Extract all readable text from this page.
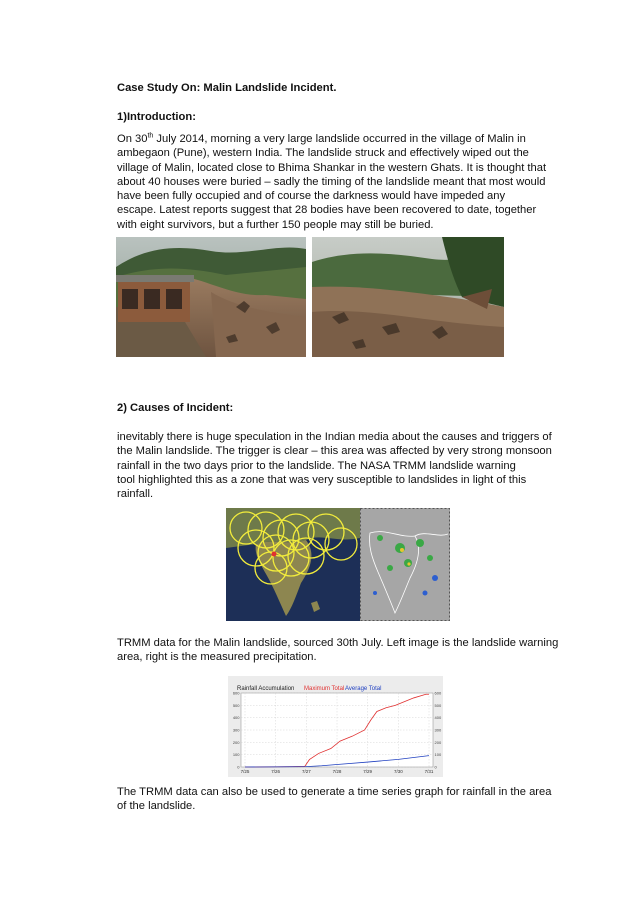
Case Study On: Malin Landslide Incident.
1)Introduction:
On 30th July 2014, morning a very large landslide occurred in the village of Malin in
ambegaon (Pune), western India. The landslide struck and effectively wiped out the
village of Malin, located close to Bhima Shankar in the western Ghats. It is thought that
about 40 houses were buried – sadly the timing of the landslide meant that most would
have been fully occupied and of course the darkness would have impeded any
escape. Latest reports suggest that 28 bodies have been recovered to date, together
with eight survivors, but a further 150 people may still be buried.
2) Causes of Incident:
inevitably there is huge speculation in the Indian media about the causes and triggers of
the Malin landslide. The trigger is clear – this area was affected by very strong monsoon
rainfall in the two days prior to the landslide. The NASA TRMM landslide warning
tool highlighted this as a zone that was very susceptible to landslides in light of this
rainfall.
TRMM data for the Malin landslide, sourced 30th July. Left image is the landslide warning
area, right is the measured precipitation.
Rainfall Accumulation Maximum Total Average Total
0	0
100	100
200	200
300	300
400	400
500	500
600	600
7/25	7/26	7/27	7/28	7/29	7/30	7/31
The TRMM data can also be used to generate a time series graph for rainfall in the area
of the landslide.
